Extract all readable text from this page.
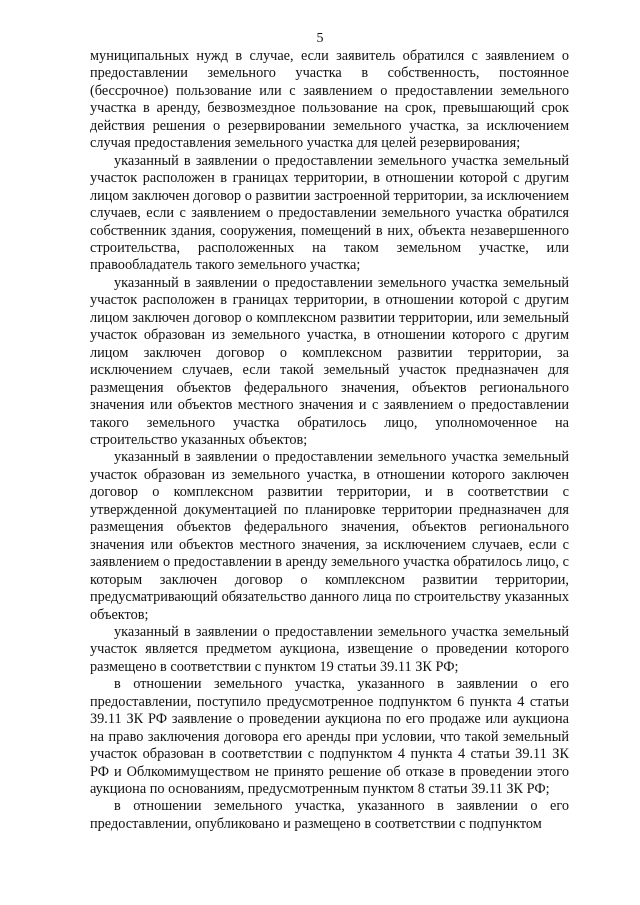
5

муниципальных нужд в случае, если заявитель обратился с заявлением о предоставлении земельного участка в собственность, постоянное (бессрочное) пользование или с заявлением о предоставлении земельного участка в аренду, безвозмездное пользование на срок, превышающий срок действия решения о резервировании земельного участка, за исключением случая предоставления земельного участка для целей резервирования;

указанный в заявлении о предоставлении земельного участка земельный участок расположен в границах территории, в отношении которой с другим лицом заключен договор о развитии застроенной территории, за исключением случаев, если с заявлением о предоставлении земельного участка обратился собственник здания, сооружения, помещений в них, объекта незавершенного строительства, расположенных на таком земельном участке, или правообладатель такого земельного участка;

указанный в заявлении о предоставлении земельного участка земельный участок расположен в границах территории, в отношении которой с другим лицом заключен договор о комплексном развитии территории, или земельный участок образован из земельного участка, в отношении которого с другим лицом заключен договор о комплексном развитии территории, за исключением случаев, если такой земельный участок предназначен для размещения объектов федерального значения, объектов регионального значения или объектов местного значения и с заявлением о предоставлении такого земельного участка обратилось лицо, уполномоченное на строительство указанных объектов;

указанный в заявлении о предоставлении земельного участка земельный участок образован из земельного участка, в отношении которого заключен договор о комплексном развитии территории, и в соответствии с утвержденной документацией по планировке территории предназначен для размещения объектов федерального значения, объектов регионального значения или объектов местного значения, за исключением случаев, если с заявлением о предоставлении в аренду земельного участка обратилось лицо, с которым заключен договор о комплексном развитии территории, предусматривающий обязательство данного лица по строительству указанных объектов;

указанный в заявлении о предоставлении земельного участка земельный участок является предметом аукциона, извещение о проведении которого размещено в соответствии с пунктом 19 статьи 39.11 ЗК РФ;

в отношении земельного участка, указанного в заявлении о его предоставлении, поступило предусмотренное подпунктом 6 пункта 4 статьи 39.11 ЗК РФ заявление о проведении аукциона по его продаже или аукциона на право заключения договора его аренды при условии, что такой земельный участок образован в соответствии с подпунктом 4 пункта 4 статьи 39.11 ЗК РФ и Облкомимуществом не принято решение об отказе в проведении этого аукциона по основаниям, предусмотренным пунктом 8 статьи 39.11 ЗК РФ;

в отношении земельного участка, указанного в заявлении о его предоставлении, опубликовано и размещено в соответствии с подпунктом
